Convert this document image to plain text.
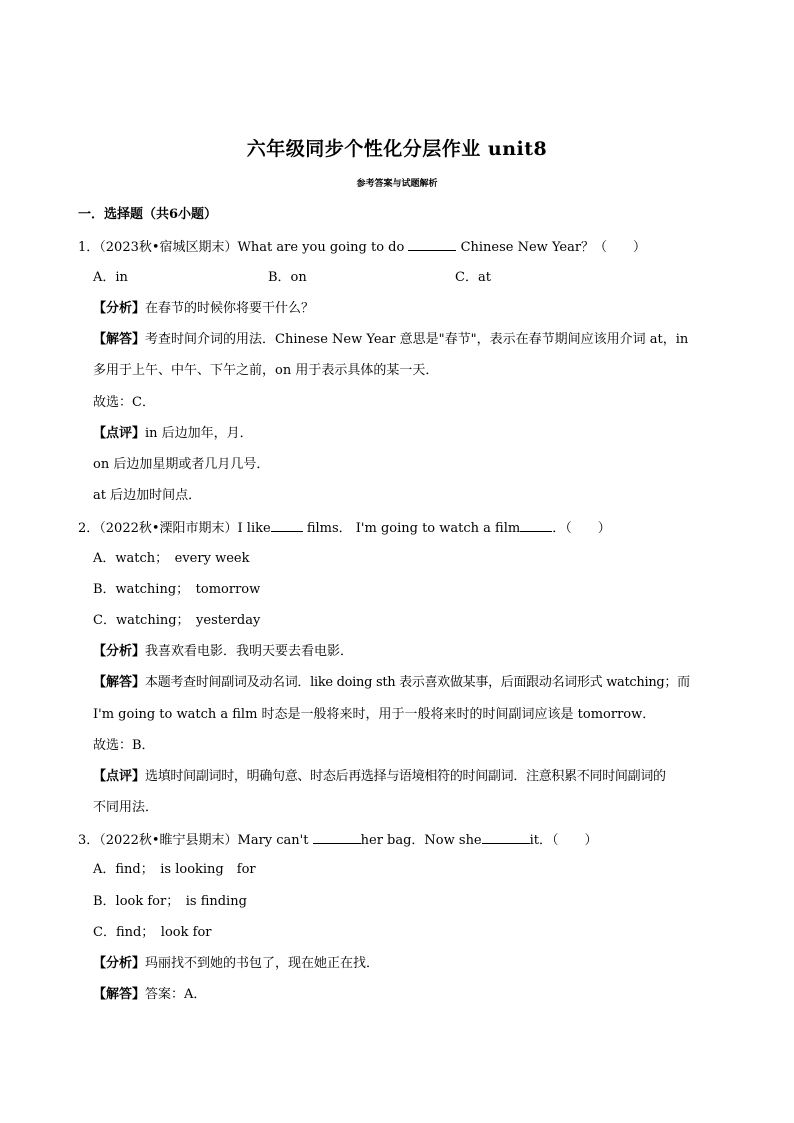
六年级同步个性化分层作业 unit8
参考答案与试题解析
一．选择题（共6小题）
1．（2023秋•宿城区期末）What are you going to do	Chinese New Year？（　　）
A．in	B．on	C．at
【分析】在春节的时候你将要干什么？
【解答】考查时间介词的用法．Chinese New Year 意思是"春节"，表示在春节期间应该用介词 at，in
多用于上午、中午、下午之前，on 用于表示具体的某一天．
故选：C．
【点评】in 后边加年，月．
on 后边加星期或者几月几号．
at 后边加时间点．
2．（2022秋•溧阳市期末）I like films． I'm going to watch a film ．（　　）
A．watch；　every week
B．watching；　tomorrow
C．watching；　yesterday
【分析】我喜欢看电影．我明天要去看电影．
【解答】本题考查时间副词及动名词．like doing sth 表示喜欢做某事，后面跟动名词形式 watching；而
I'm going to watch a film 时态是一般将来时，用于一般将来时的时间副词应该是 tomorrow．
故选：B．
【点评】选填时间副词时，明确句意、时态后再选择与语境相符的时间副词．注意积累不同时间副词的
不同用法．
3．（2022秋•睢宁县期末）Mary can't	her bag．Now she	it．（　　）
A．find；　is looking　for
B．look for；　is finding
C．find；　look for
【分析】玛丽找不到她的书包了，现在她正在找．
【解答】答案：A．
